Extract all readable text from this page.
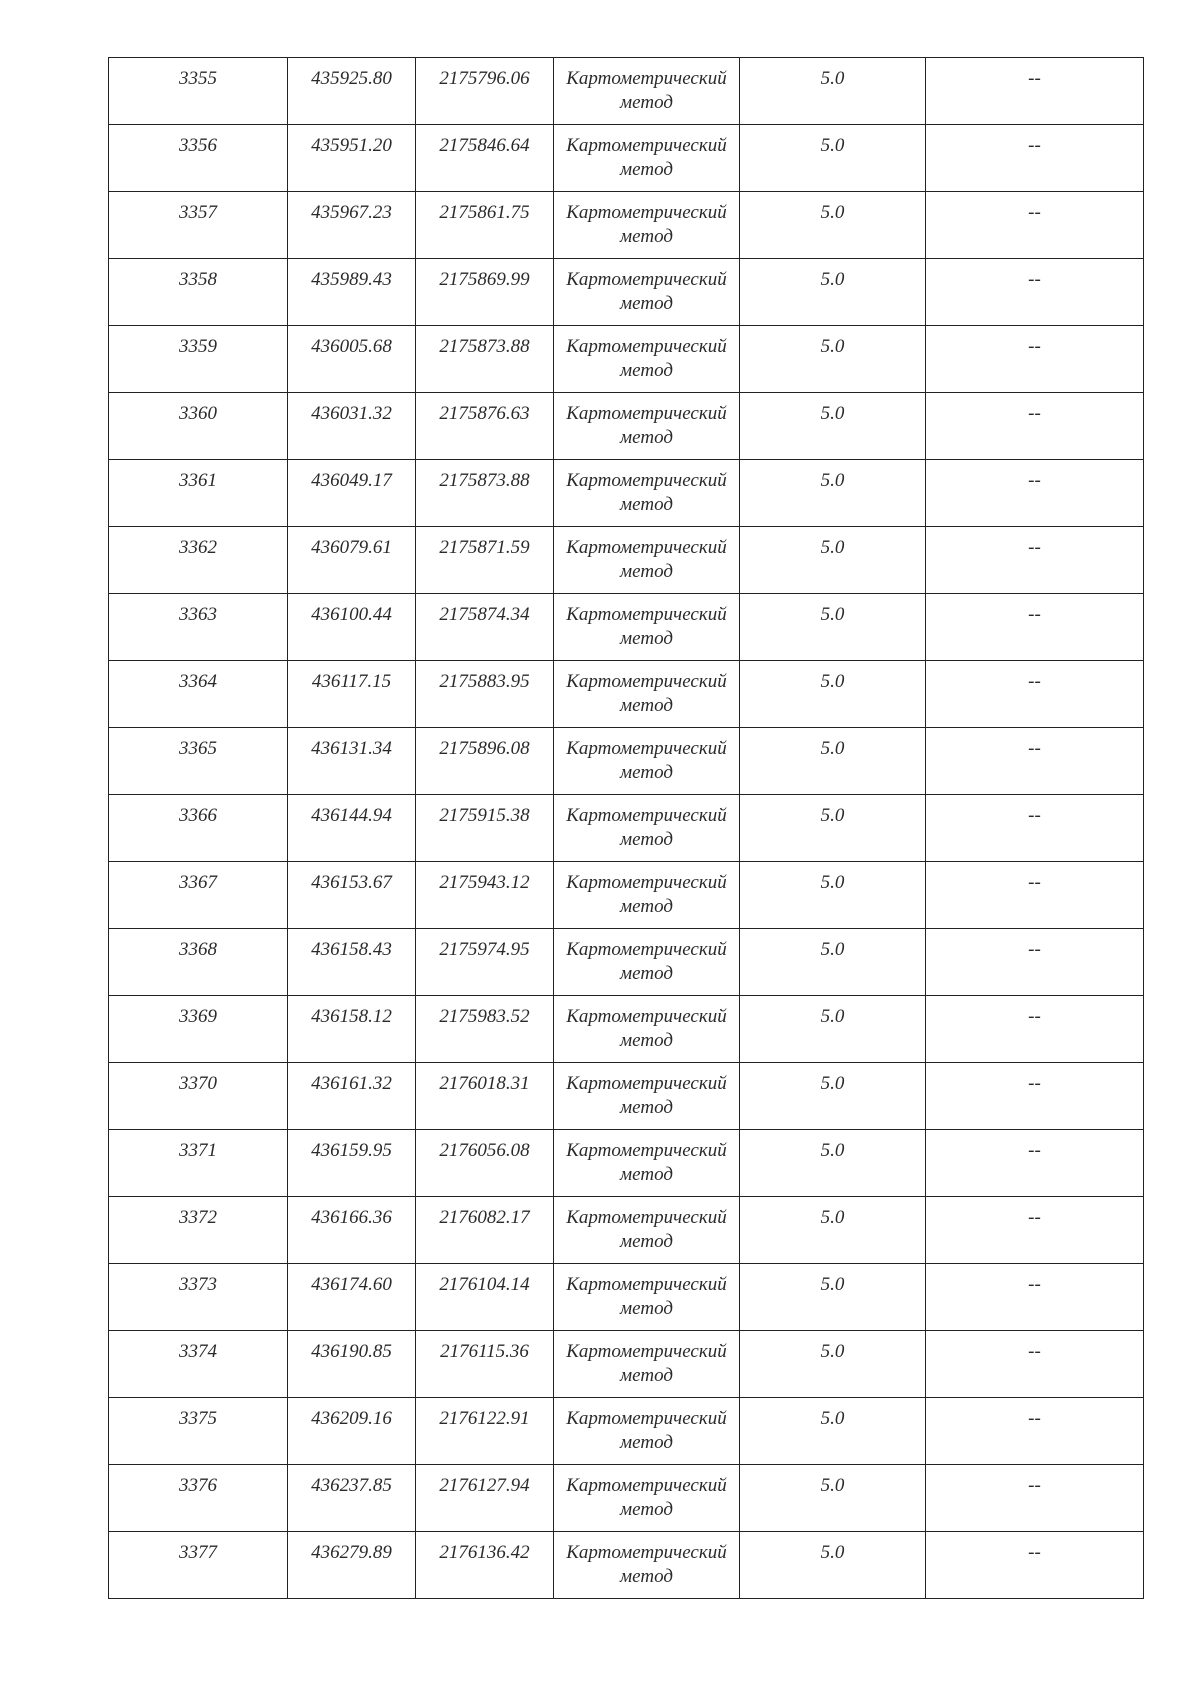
3355	435925.80	2175796.06	Картометрический
метод	5.0	--

3356	435951.20	2175846.64	Картометрический
метод	5.0	--

3357	435967.23	2175861.75	Картометрический
метод	5.0	--

3358	435989.43	2175869.99	Картометрический
метод	5.0	--

3359	436005.68	2175873.88	Картометрический
метод	5.0	--

3360	436031.32	2175876.63	Картометрический
метод	5.0	--

3361	436049.17	2175873.88	Картометрический
метод	5.0	--

3362	436079.61	2175871.59	Картометрический
метод	5.0	--

3363	436100.44	2175874.34	Картометрический
метод	5.0	--

3364	436117.15	2175883.95	Картометрический
метод	5.0	--

3365	436131.34	2175896.08	Картометрический
метод	5.0	--

3366	436144.94	2175915.38	Картометрический
метод	5.0	--

3367	436153.67	2175943.12	Картометрический
метод	5.0	--

3368	436158.43	2175974.95	Картометрический
метод	5.0	--

3369	436158.12	2175983.52	Картометрический
метод	5.0	--

3370	436161.32	2176018.31	Картометрический
метод	5.0	--

3371	436159.95	2176056.08	Картометрический
метод	5.0	--

3372	436166.36	2176082.17	Картометрический
метод	5.0	--

3373	436174.60	2176104.14	Картометрический
метод	5.0	--

3374	436190.85	2176115.36	Картометрический
метод	5.0	--

3375	436209.16	2176122.91	Картометрический
метод	5.0	--

3376	436237.85	2176127.94	Картометрический
метод	5.0	--

3377	436279.89	2176136.42	Картометрический
метод	5.0	--
